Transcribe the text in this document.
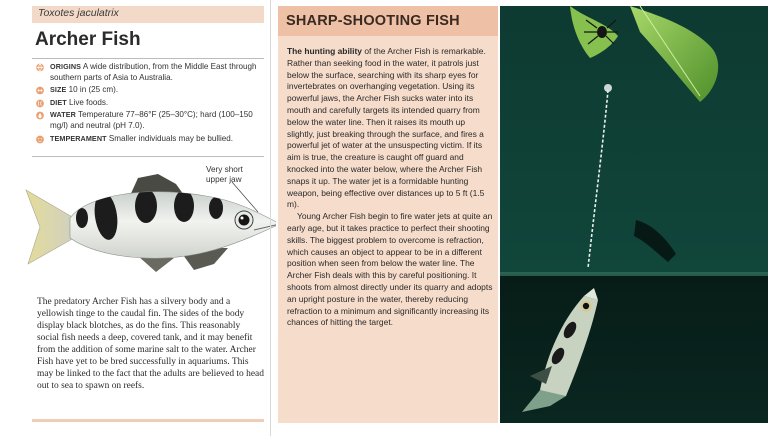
Toxotes jaculatrix
Archer Fish
ORIGINS A wide distribution, from the Middle East through southern parts of Asia to Australia.
SIZE 10 in (25 cm).
DIET Live foods.
WATER Temperature 77–86°F (25–30°C); hard (100–150 mg/l) and neutral (pH 7.0).
TEMPERAMENT Smaller individuals may be bullied.
Very short upper jaw
The predatory Archer Fish has a silvery body and a yellowish tinge to the caudal fin. The sides of the body display black blotches, as do the fins. This reasonably social fish needs a deep, covered tank, and it may benefit from the addition of some marine salt to the water. Archer Fish have yet to be bred successfully in aquariums. This may be linked to the fact that the adults are believed to head out to sea to spawn on reefs.
SHARP-SHOOTING FISH

The hunting ability of the Archer Fish is remarkable. Rather than seeking food in the water, it patrols just below the surface, searching with its sharp eyes for invertebrates on overhanging vegetation. Using its powerful jaws, the Archer Fish sucks water into its mouth and carefully targets its intended quarry from below the water line. Then it raises its mouth up slightly, just breaking through the surface, and fires a powerful jet of water at the unsuspecting victim. If its aim is true, the creature is caught off guard and knocked into the water below, where the Archer Fish snaps it up. The water jet is a formidable hunting weapon, being effective over distances up to 5 ft (1.5 m).

Young Archer Fish begin to fire water jets at quite an early age, but it takes practice to perfect their shooting skills. The biggest problem to overcome is refraction, which causes an object to appear to be in a different position when seen from below the water line. The Archer Fish deals with this by careful positioning. It shoots from almost directly under its quarry and adopts an upright posture in the water, thereby reducing refraction to a minimum and significantly increasing its chances of hitting the target.
